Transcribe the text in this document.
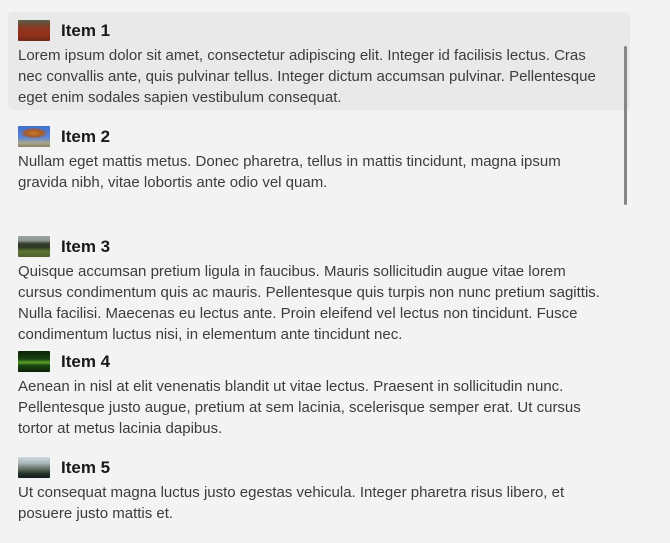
Item 1
Lorem ipsum dolor sit amet, consectetur adipiscing elit. Integer id facilisis lectus. Cras nec convallis ante, quis pulvinar tellus. Integer dictum accumsan pulvinar. Pellentesque eget enim sodales sapien vestibulum consequat.
Item 2
Nullam eget mattis metus. Donec pharetra, tellus in mattis tincidunt, magna ipsum gravida nibh, vitae lobortis ante odio vel quam.
Item 3
Quisque accumsan pretium ligula in faucibus. Mauris sollicitudin augue vitae lorem cursus condimentum quis ac mauris. Pellentesque quis turpis non nunc pretium sagittis. Nulla facilisi. Maecenas eu lectus ante. Proin eleifend vel lectus non tincidunt. Fusce condimentum luctus nisi, in elementum ante tincidunt nec.
Item 4
Aenean in nisl at elit venenatis blandit ut vitae lectus. Praesent in sollicitudin nunc. Pellentesque justo augue, pretium at sem lacinia, scelerisque semper erat. Ut cursus tortor at metus lacinia dapibus.
Item 5
Ut consequat magna luctus justo egestas vehicula. Integer pharetra risus libero, et posuere justo mattis et.
